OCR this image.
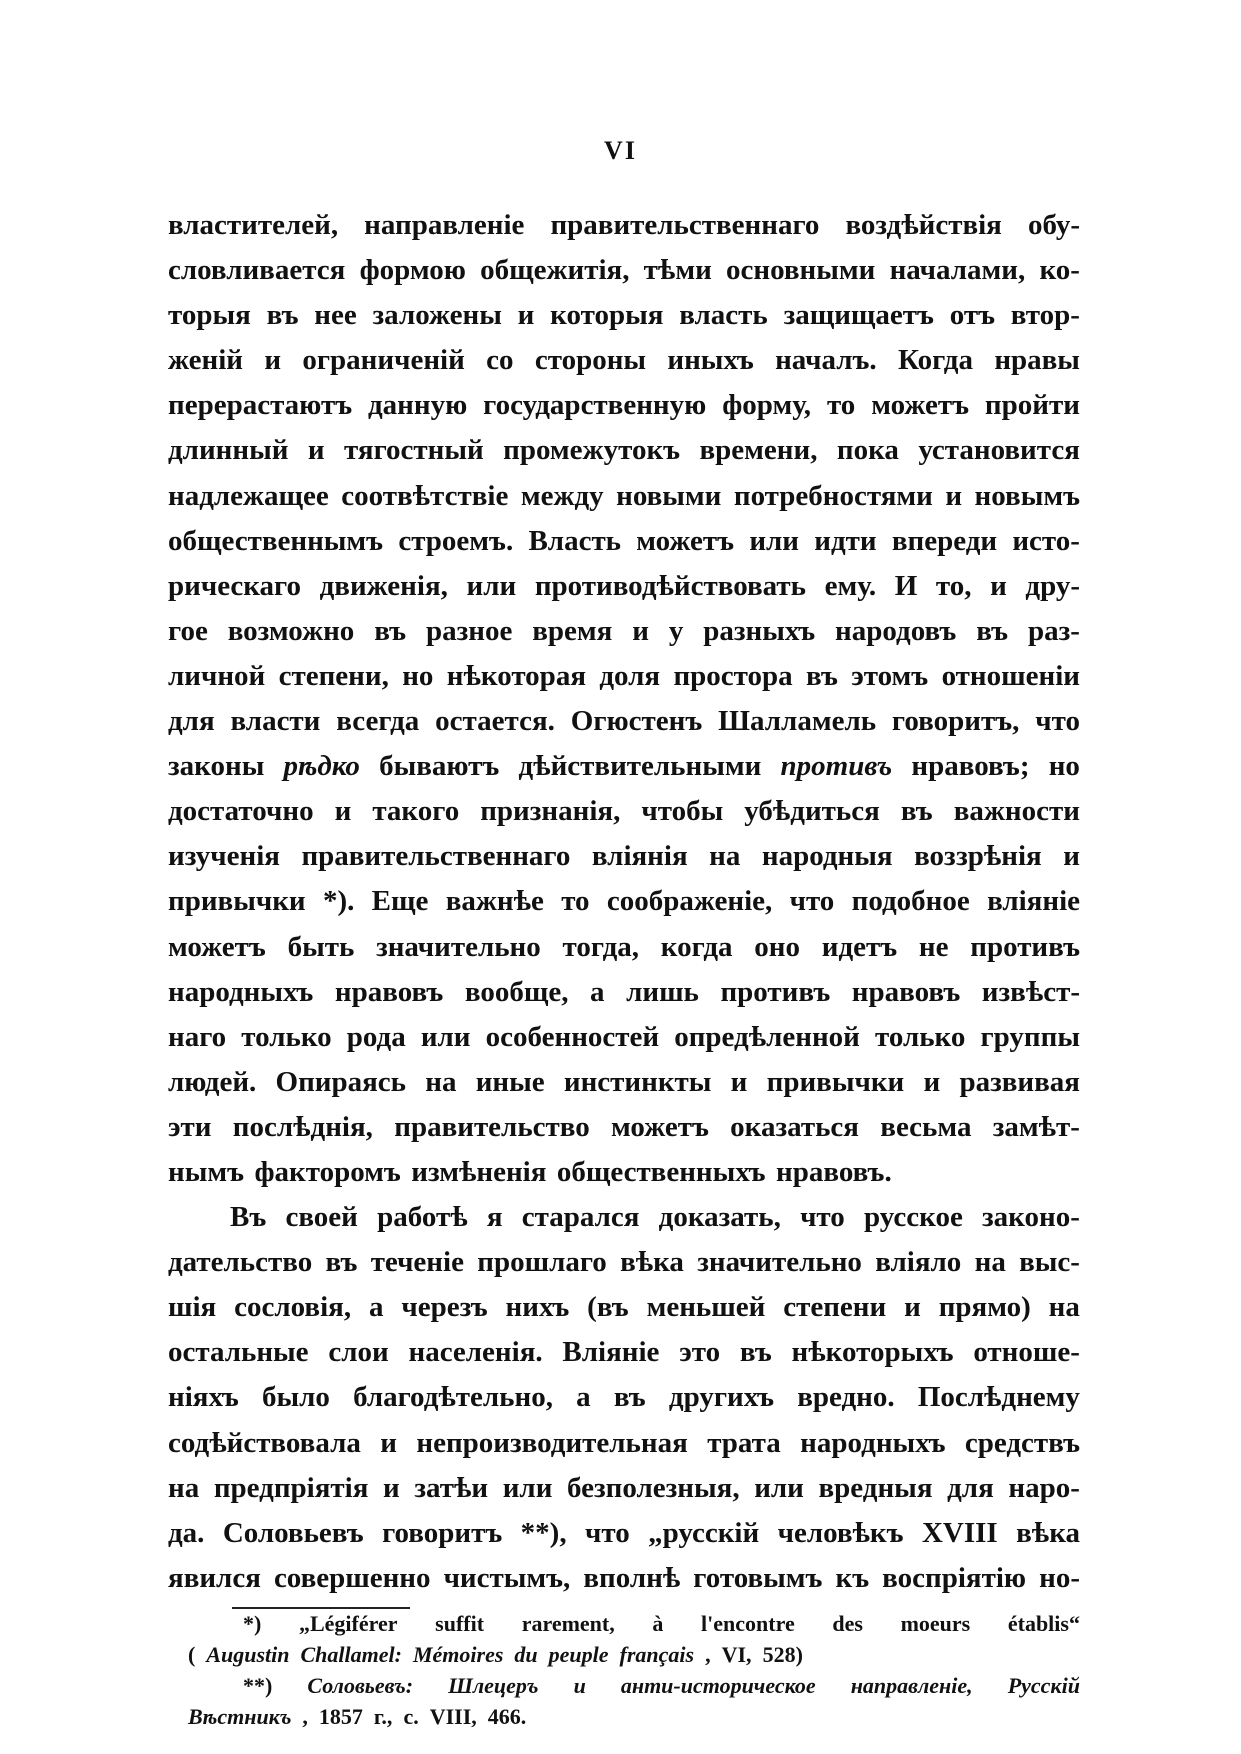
VI
властителей, направленіе правительственнаго воздѣйствія обу-
словливается формою общежитія, тѣми основными началами, ко-
торыя въ нее заложены и которыя власть защищаетъ отъ втор-
женій и ограниченій со стороны иныхъ началъ. Когда нравы
перерастаютъ данную государственную форму, то можетъ пройти
длинный и тягостный промежутокъ времени, пока установится
надлежащее соотвѣтствіе между новыми потребностями и новымъ
общественнымъ строемъ. Власть можетъ или идти впереди исто-
рическаго движенія, или противодѣйствовать ему. И то, и дру-
гое возможно въ разное время и у разныхъ народовъ въ раз-
личной степени, но нѣкоторая доля простора въ этомъ отношеніи
для власти всегда остается. Огюстенъ Шалламель говоритъ, что
законы рѣдко бываютъ дѣйствительными противъ нравовъ; но
достаточно и такого признанія, чтобы убѣдиться въ важности
изученія правительственнаго вліянія на народныя воззрѣнія и
привычки *). Еще важнѣе то соображеніе, что подобное вліяніе
можетъ быть значительно тогда, когда оно идетъ не противъ
народныхъ нравовъ вообще, а лишь противъ нравовъ извѣст-
наго только рода или особенностей опредѣленной только группы
людей. Опираясь на иные инстинкты и привычки и развивая
эти послѣднія, правительство можетъ оказаться весьма замѣт-
нымъ факторомъ измѣненія общественныхъ нравовъ.
Въ своей работѣ я старался доказать, что русское законо-
дательство въ теченіе прошлаго вѣка значительно вліяло на выс-
шія сословія, а черезъ нихъ (въ меньшей степени и прямо) на
остальные слои населенія. Вліяніе это въ нѣкоторыхъ отноше-
ніяхъ было благодѣтельно, а въ другихъ вредно. Послѣднему
содѣйствовала и непроизводительная трата народныхъ средствъ
на предпріятія и затѣи или безполезныя, или вредныя для наро-
да. Соловьевъ говоритъ **), что „русскій человѣкъ XVIII вѣка
явился совершенно чистымъ, вполнѣ готовымъ къ воспріятію но-
*) „Légiférer suffit rarement, à l'encontre des moeurs établis“
( Augustin Challamel: Mémoires du peuple français , VI, 528)
**) Соловьевъ: Шлецеръ и анти-историческое направленіе, Русскій
Вѣстникъ , 1857 г., с. VIII, 466.
